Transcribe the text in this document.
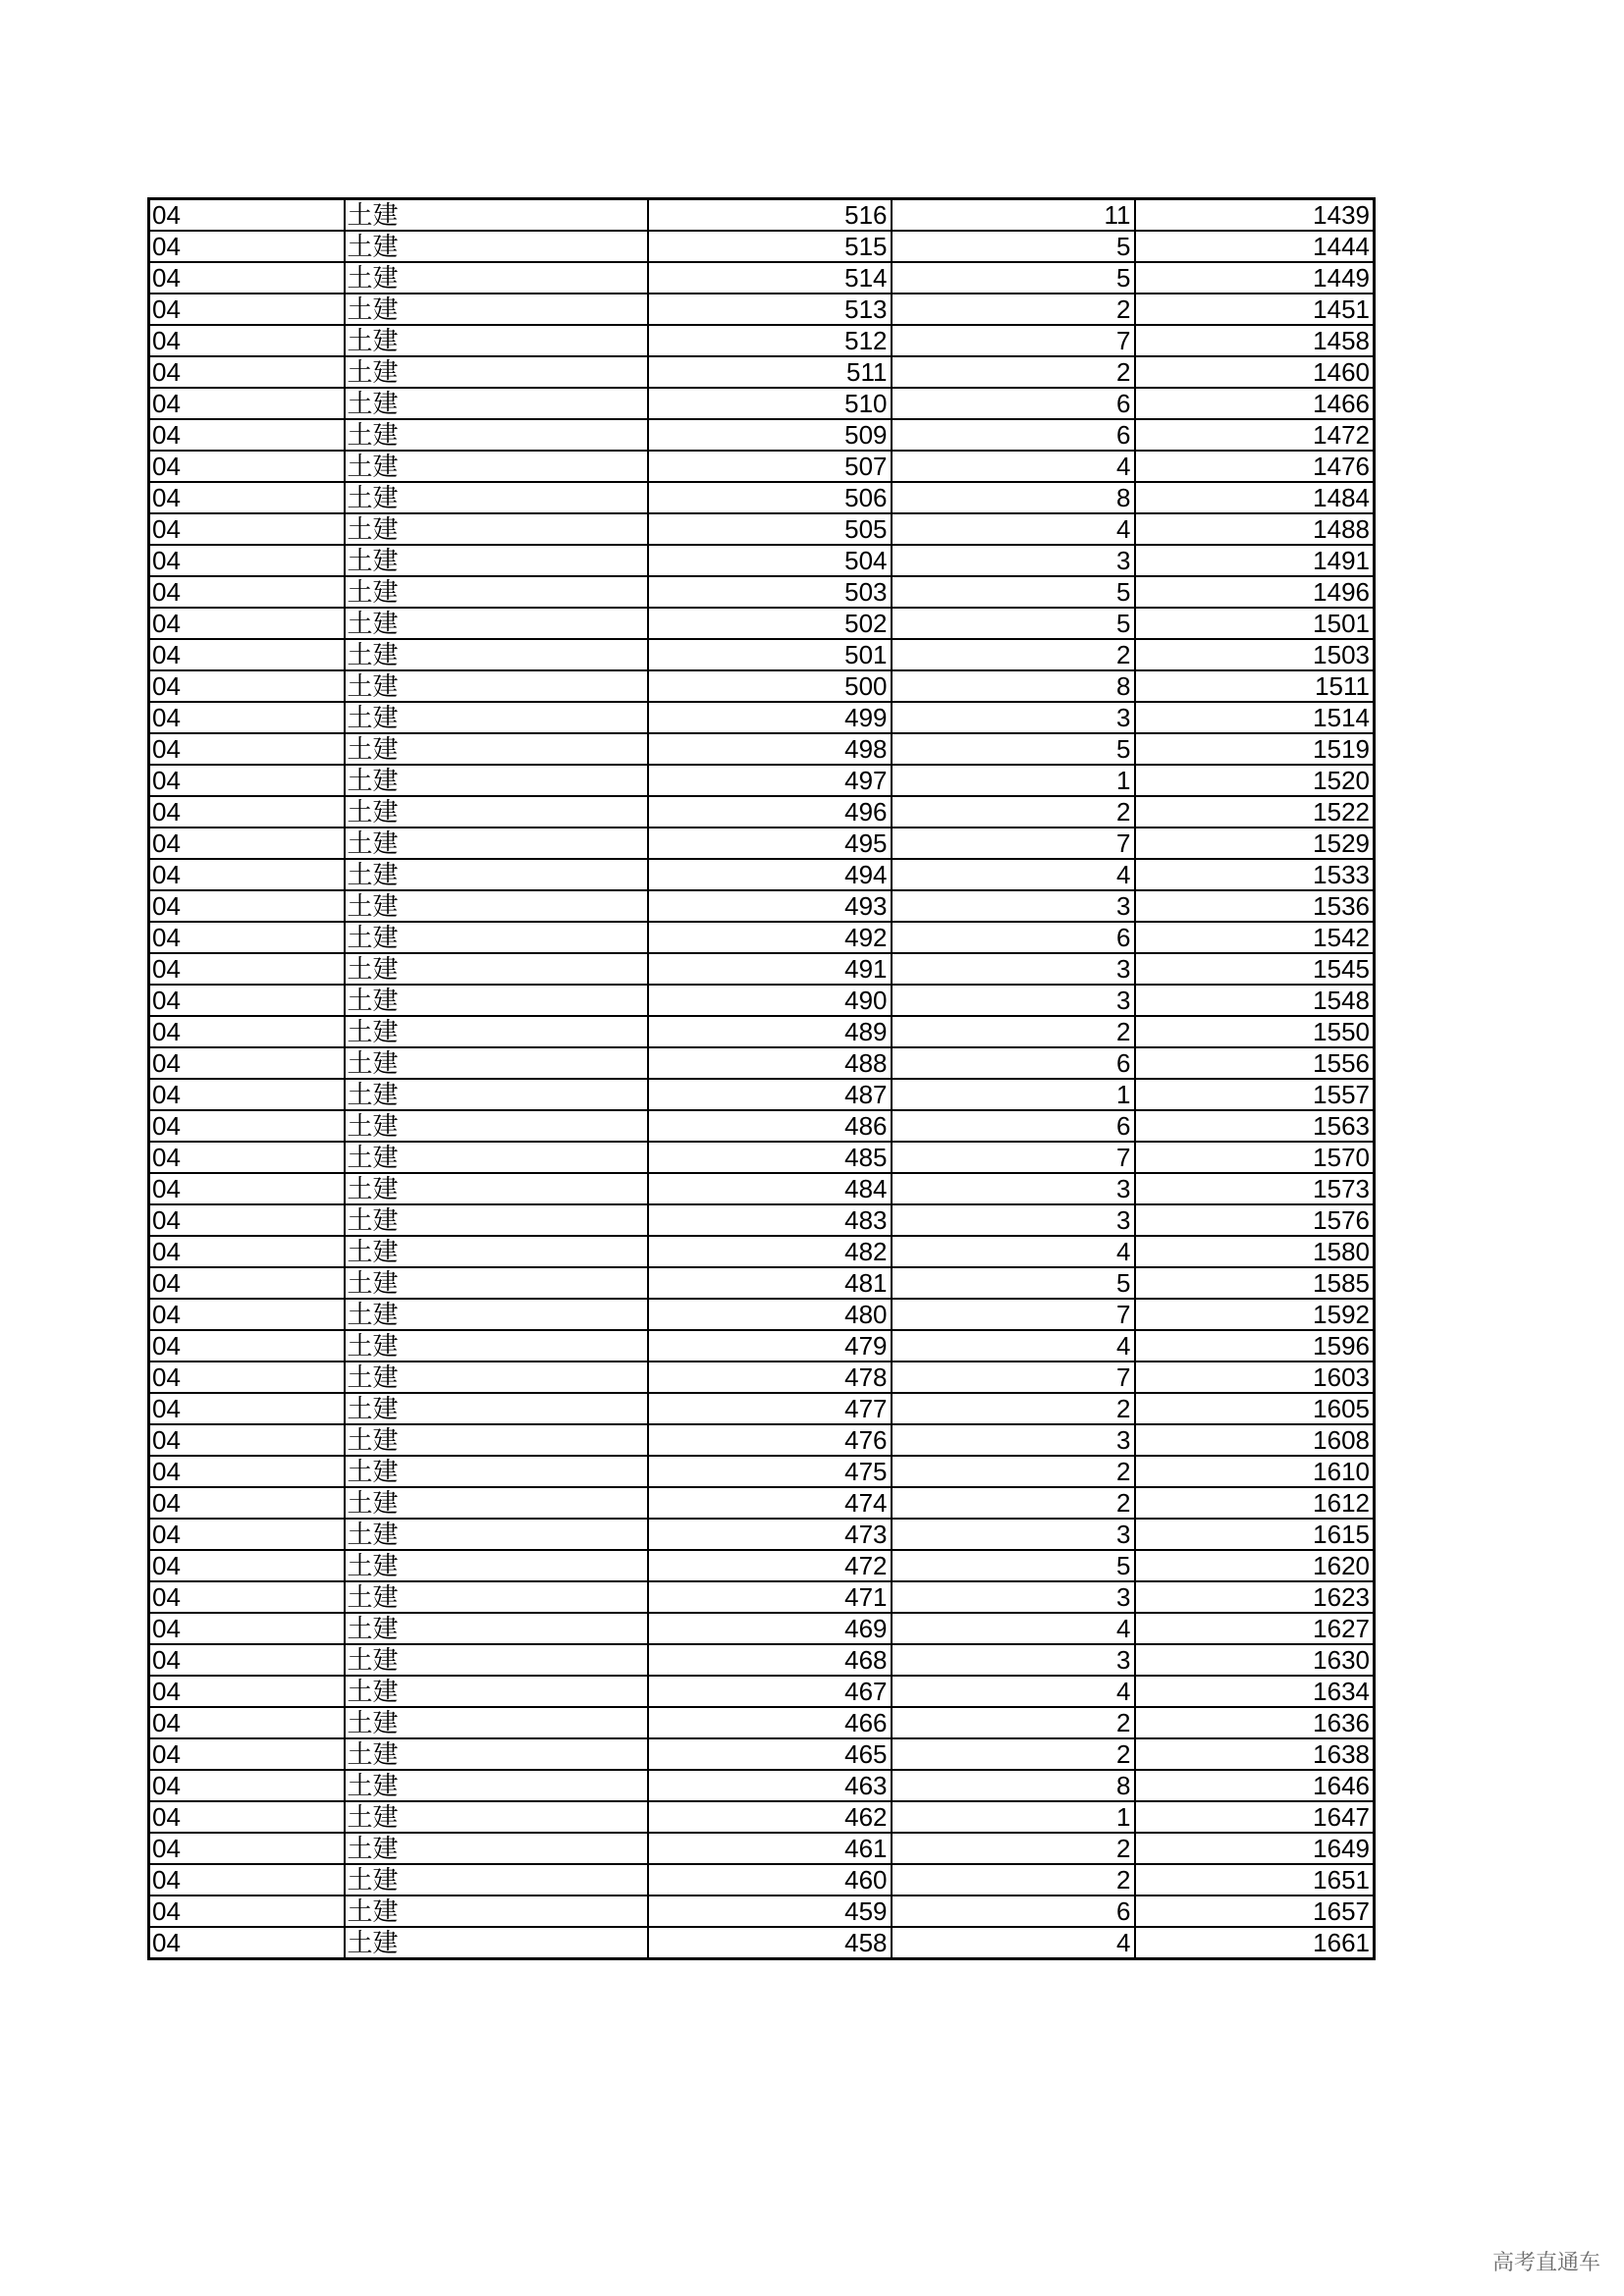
04	土建	516	11	1439
04	土建	515	5	1444
04	土建	514	5	1449
04	土建	513	2	1451
04	土建	512	7	1458
04	土建	511	2	1460
04	土建	510	6	1466
04	土建	509	6	1472
04	土建	507	4	1476
04	土建	506	8	1484
04	土建	505	4	1488
04	土建	504	3	1491
04	土建	503	5	1496
04	土建	502	5	1501
04	土建	501	2	1503
04	土建	500	8	1511
04	土建	499	3	1514
04	土建	498	5	1519
04	土建	497	1	1520
04	土建	496	2	1522
04	土建	495	7	1529
04	土建	494	4	1533
04	土建	493	3	1536
04	土建	492	6	1542
04	土建	491	3	1545
04	土建	490	3	1548
04	土建	489	2	1550
04	土建	488	6	1556
04	土建	487	1	1557
04	土建	486	6	1563
04	土建	485	7	1570
04	土建	484	3	1573
04	土建	483	3	1576
04	土建	482	4	1580
04	土建	481	5	1585
04	土建	480	7	1592
04	土建	479	4	1596
04	土建	478	7	1603
04	土建	477	2	1605
04	土建	476	3	1608
04	土建	475	2	1610
04	土建	474	2	1612
04	土建	473	3	1615
04	土建	472	5	1620
04	土建	471	3	1623
04	土建	469	4	1627
04	土建	468	3	1630
04	土建	467	4	1634
04	土建	466	2	1636
04	土建	465	2	1638
04	土建	463	8	1646
04	土建	462	1	1647
04	土建	461	2	1649
04	土建	460	2	1651
04	土建	459	6	1657
04	土建	458	4	1661
高考直通车
